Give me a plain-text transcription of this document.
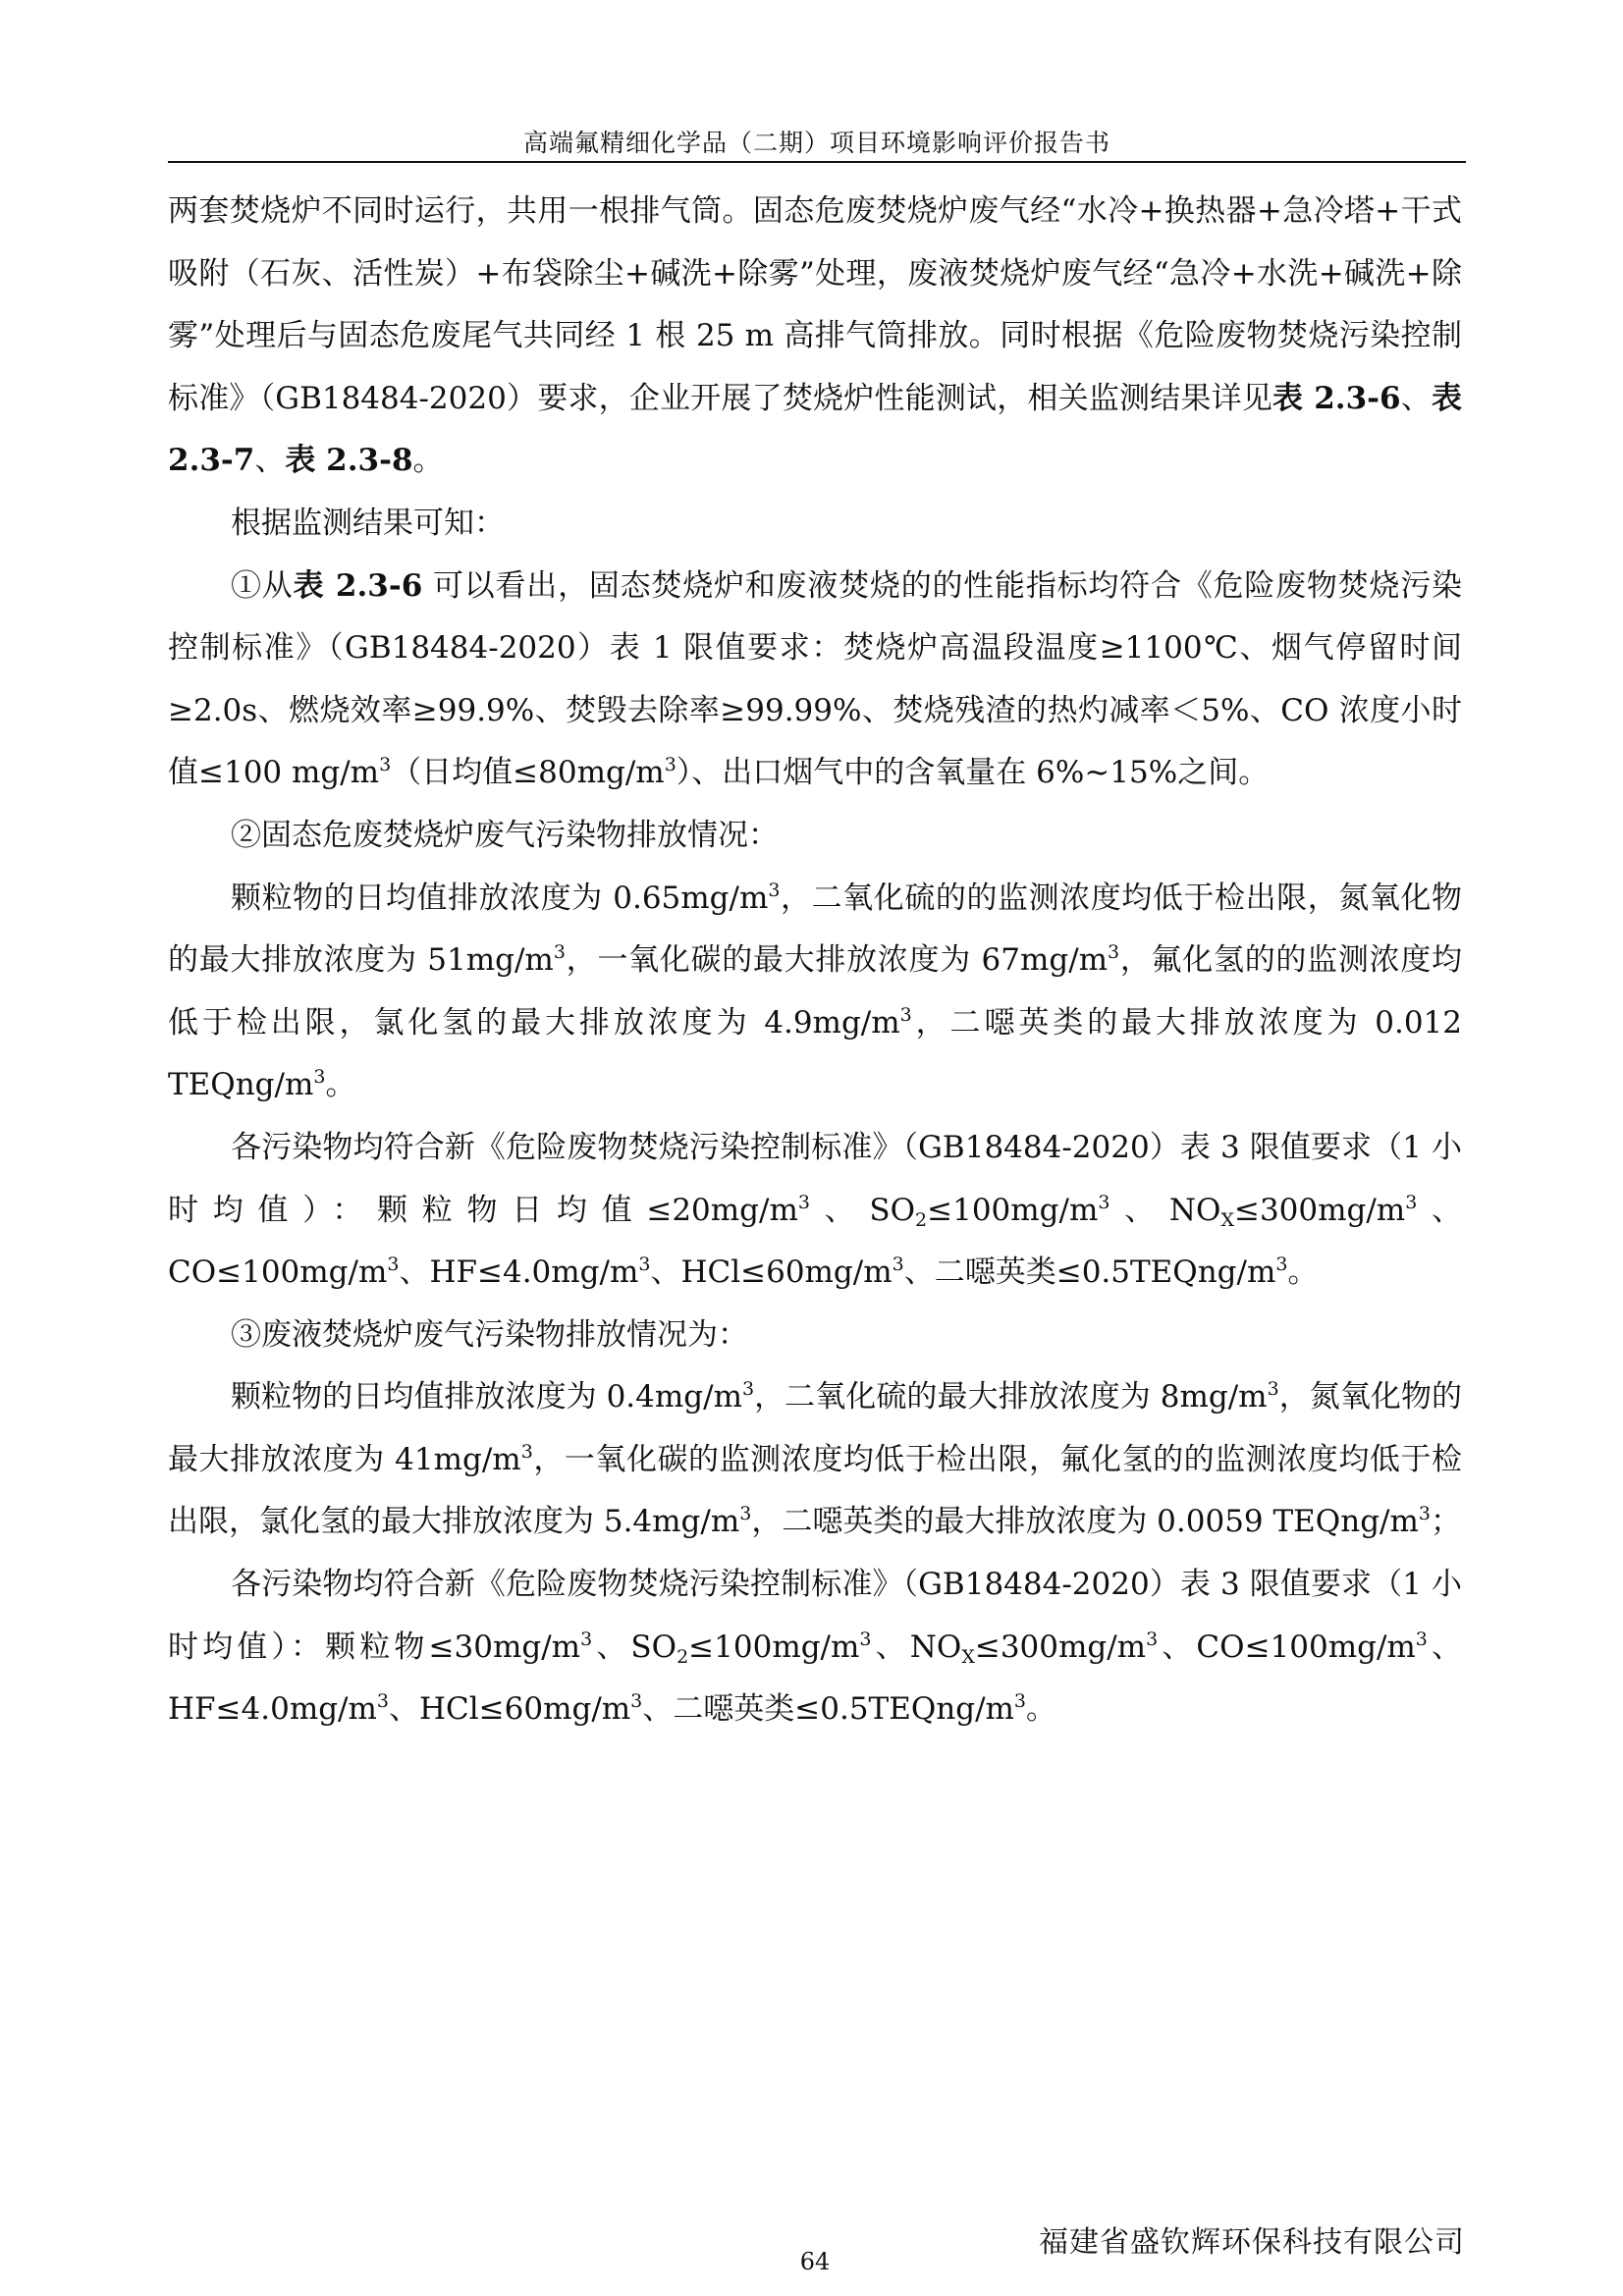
高端氟精细化学品（二期）项目环境影响评价报告书

两套焚烧炉不同时运行，共用一根排气筒。固态危废焚烧炉废气经“水冷+换热器+急冷塔+干式吸附（石灰、活性炭）+布袋除尘+碱洗+除雾”处理，废液焚烧炉废气经“急冷+水洗+碱洗+除雾”处理后与固态危废尾气共同经 1 根 25 m 高排气筒排放。同时根据《危险废物焚烧污染控制标准》（GB18484-2020）要求，企业开展了焚烧炉性能测试，相关监测结果详见表 2.3-6、表 2.3-7、表 2.3-8。

根据监测结果可知：

①从表 2.3-6 可以看出，固态焚烧炉和废液焚烧的的性能指标均符合《危险废物焚烧污染控制标准》（GB18484-2020）表 1 限值要求：焚烧炉高温段温度≥1100℃、烟气停留时间≥2.0s、燃烧效率≥99.9%、焚毁去除率≥99.99%、焚烧残渣的热灼减率＜5%、CO 浓度小时值≤100 $mg/m^3$（日均值$\le 80mg/m^3$）、出口烟气中的含氧量在 6%~15%之间。

②固态危废焚烧炉废气污染物排放情况：

颗粒物的日均值排放浓度为 $0.65mg/m^3$，二氧化硫的的监测浓度均低于检出限，氮氧化物的最大排放浓度为 $51mg/m^3$，一氧化碳的最大排放浓度为 $67mg/m^3$，氟化氢的的监测浓度均低于检出限，氯化氢的最大排放浓度为 $4.9mg/m^3$，二噁英类的最大排放浓度为 0.012 TEQng/$m^3$。

各污染物均符合新《危险废物焚烧污染控制标准》（GB18484-2020）表 3 限值要求（1 小时均值）：颗粒物日均值$\le 20mg/m^3$、$SO_2\le 100mg/m^3$、$NO_X\le 300mg/m^3$、$CO\le 100mg/m^3$、$HF\le 4.0mg/m^3$、$HCl\le 60mg/m^3$、二噁英类$\le 0.5TEQng/m^3$。

③废液焚烧炉废气污染物排放情况为：

颗粒物的日均值排放浓度为 $0.4mg/m^3$，二氧化硫的最大排放浓度为 $8mg/m^3$，氮氧化物的最大排放浓度为 $41mg/m^3$，一氧化碳的监测浓度均低于检出限，氟化氢的的监测浓度均低于检出限，氯化氢的最大排放浓度为 $5.4mg/m^3$，二噁英类的最大排放浓度为 0.0059 TEQng/$m^3$；

各污染物均符合新《危险废物焚烧污染控制标准》（GB18484-2020）表 3 限值要求（1 小时均值）：颗粒物$\le 30mg/m^3$、$SO_2\le 100mg/m^3$、$NO_X\le 300mg/m^3$、$CO\le 100mg/m^3$、$HF\le 4.0mg/m^3$、$HCl\le 60mg/m^3$、二噁英类$\le 0.5TEQng/m^3$。

64
福建省盛钦辉环保科技有限公司
